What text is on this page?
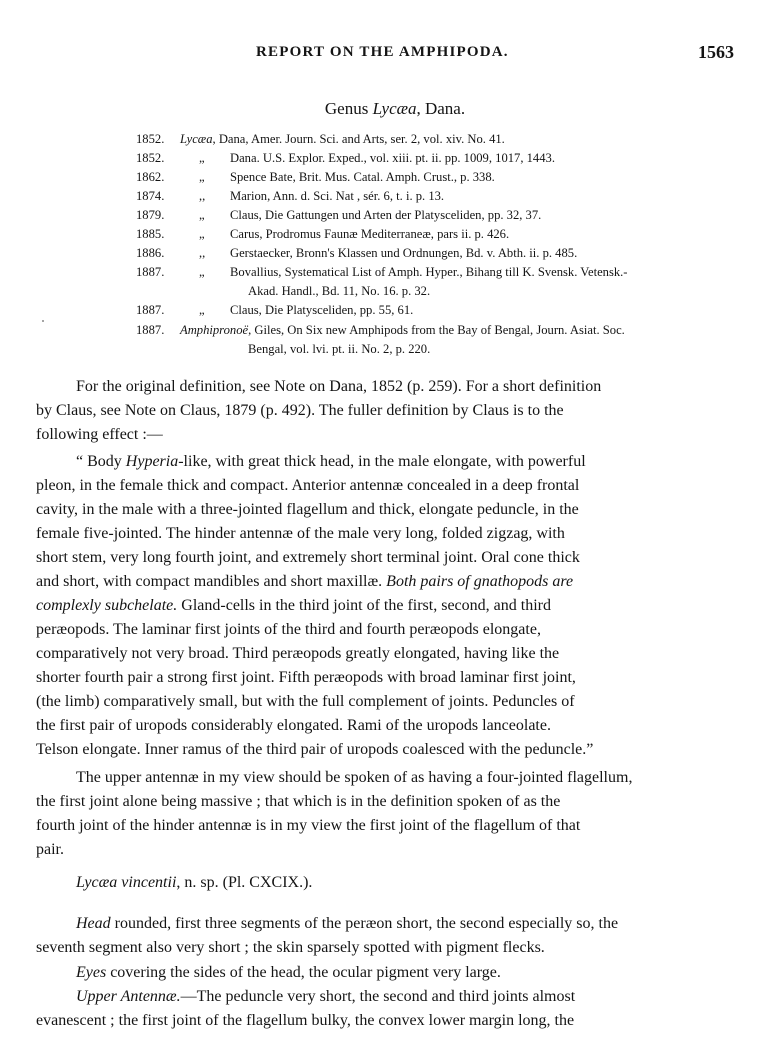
REPORT ON THE AMPHIPODA.	1563
Genus Lycæa, Dana.
1852.	Lycæa, Dana, Amer. Journ. Sci. and Arts, ser. 2, vol. xiv. No. 41.
1852.	„	Dana. U.S. Explor. Exped., vol. xiii. pt. ii. pp. 1009, 1017, 1443.
1862.	„	Spence Bate, Brit. Mus. Catal. Amph. Crust., p. 338.
1874.	,,	Marion, Ann. d. Sci. Nat , sér. 6, t. i. p. 13.
1879.	„	Claus, Die Gattungen und Arten der Platysceliden, pp. 32, 37.
1885.	„	Carus, Prodromus Faunæ Mediterraneæ, pars ii. p. 426.
1886.	,,	Gerstaecker, Bronn's Klassen und Ordnungen, Bd. v. Abth. ii. p. 485.
1887.	„	Bovallius, Systematical List of Amph. Hyper., Bihang till K. Svensk. Vetensk.-
Akad. Handl., Bd. 11, No. 16. p. 32.
1887.	„	Claus, Die Platysceliden, pp. 55, 61.
1887.	Amphipronoë, Giles, On Six new Amphipods from the Bay of Bengal, Journ. Asiat. Soc.
Bengal, vol. lvi. pt. ii. No. 2, p. 220.
For the original definition, see Note on Dana, 1852 (p. 259). For a short definition
by Claus, see Note on Claus, 1879 (p. 492). The fuller definition by Claus is to the
following effect :—
“ Body Hyperia-like, with great thick head, in the male elongate, with powerful
pleon, in the female thick and compact. Anterior antennæ concealed in a deep frontal
cavity, in the male with a three-jointed flagellum and thick, elongate peduncle, in the
female five-jointed. The hinder antennæ of the male very long, folded zigzag, with
short stem, very long fourth joint, and extremely short terminal joint. Oral cone thick
and short, with compact mandibles and short maxillæ. Both pairs of gnathopods are
complexly subchelate. Gland-cells in the third joint of the first, second, and third
peræopods. The laminar first joints of the third and fourth peræopods elongate,
comparatively not very broad. Third peræopods greatly elongated, having like the
shorter fourth pair a strong first joint. Fifth peræopods with broad laminar first joint,
(the limb) comparatively small, but with the full complement of joints. Peduncles of
the first pair of uropods considerably elongated. Rami of the uropods lanceolate.
Telson elongate. Inner ramus of the third pair of uropods coalesced with the peduncle.”
The upper antennæ in my view should be spoken of as having a four-jointed flagellum,
the first joint alone being massive ; that which is in the definition spoken of as the
fourth joint of the hinder antennæ is in my view the first joint of the flagellum of that
pair.
Lycæa vincentii, n. sp. (Pl. CXCIX.).
Head rounded, first three segments of the peræon short, the second especially so, the
seventh segment also very short ; the skin sparsely spotted with pigment flecks.
Eyes covering the sides of the head, the ocular pigment very large.
Upper Antennæ.—The peduncle very short, the second and third joints almost
evanescent ; the first joint of the flagellum bulky, the convex lower margin long, the
